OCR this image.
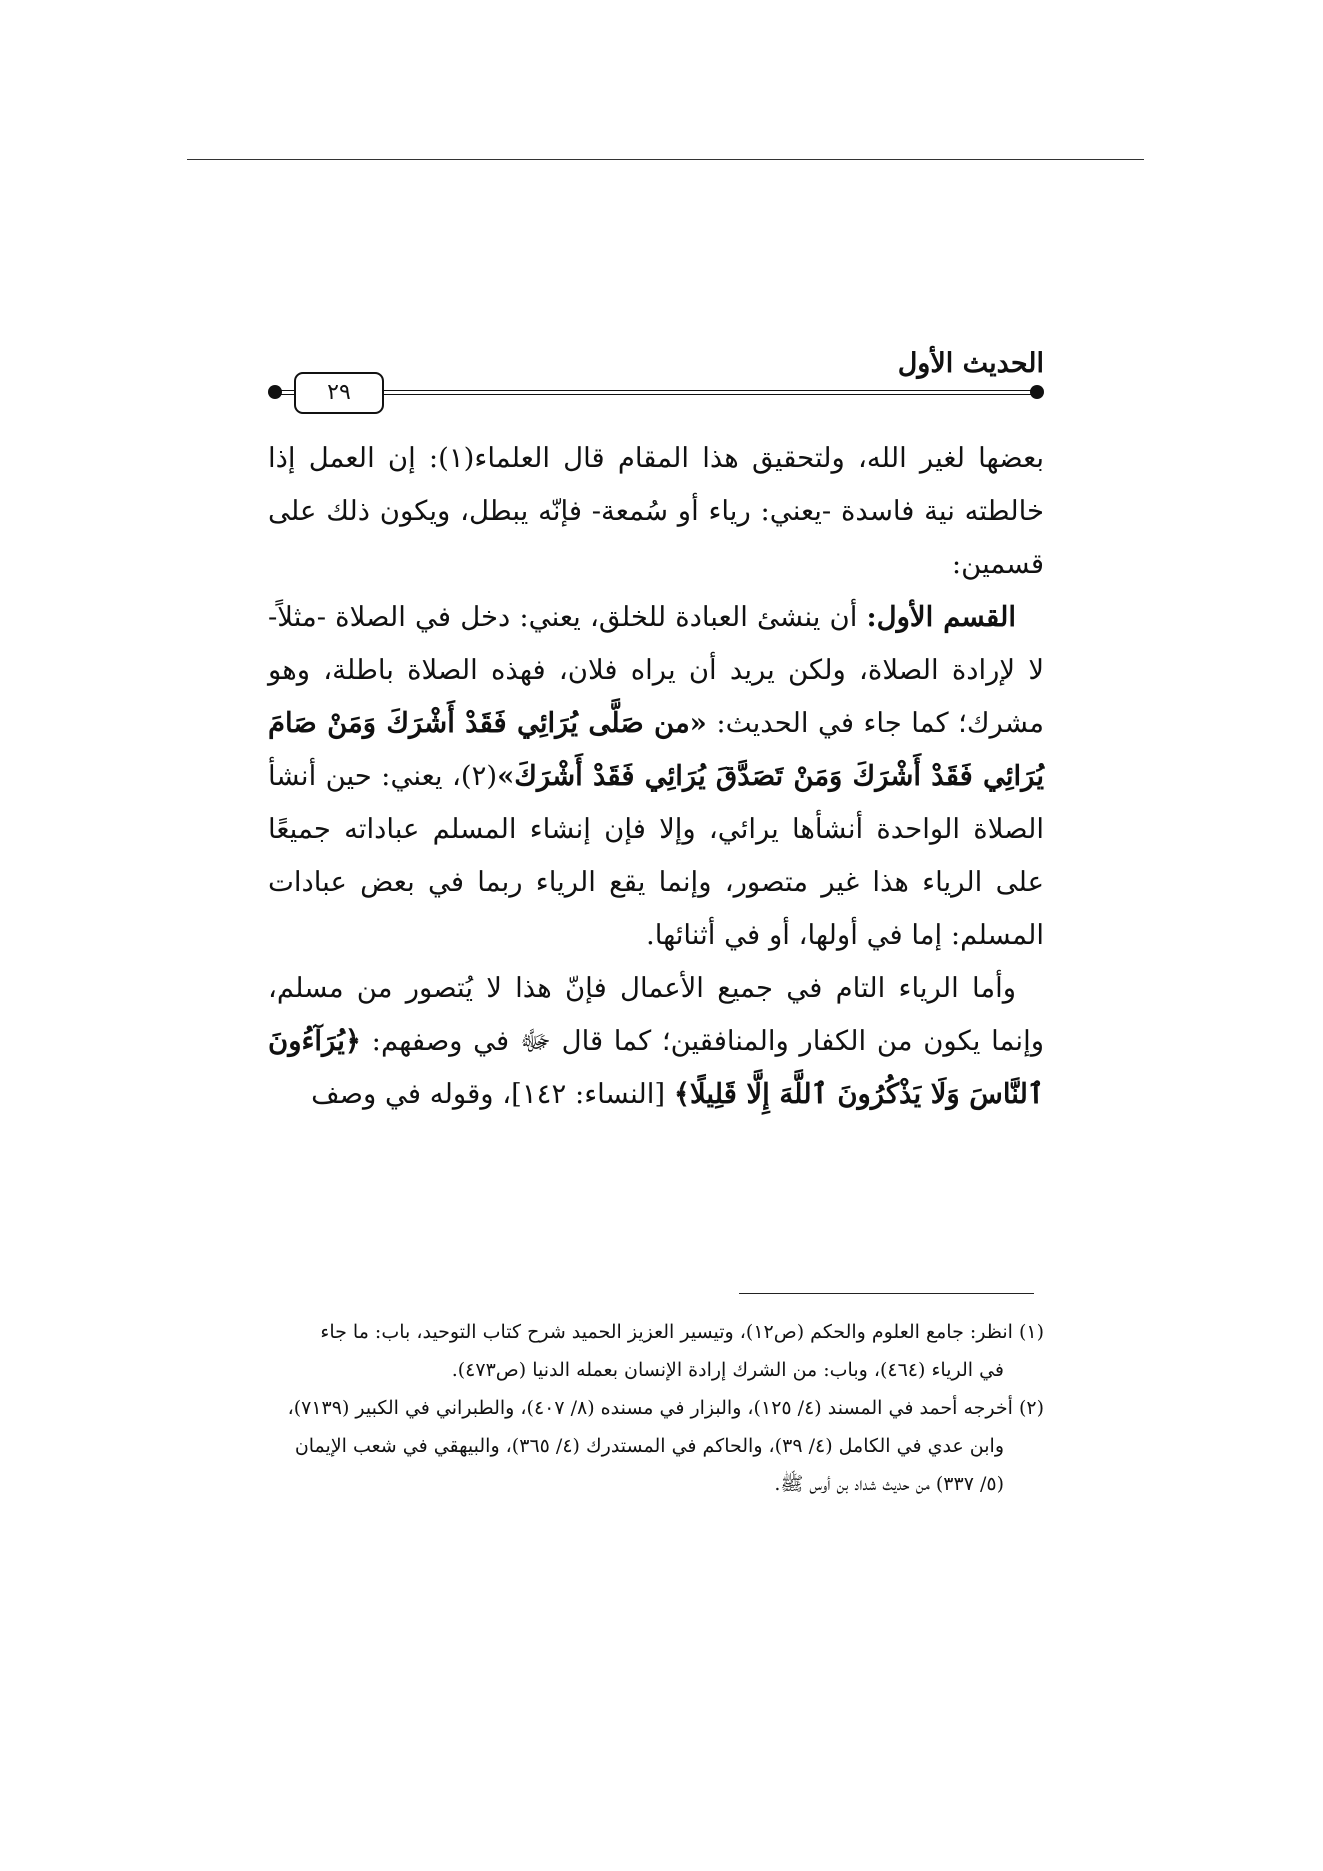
الحديث الأول
٢٩

بعضها لغير الله، ولتحقيق هذا المقام قال العلماء(١): إن العمل إذا خالطته نية فاسدة -يعني: رياء أو سُمعة- فإنّه يبطل، ويكون ذلك على قسمين:

القسم الأول: أن ينشئ العبادة للخلق، يعني: دخل في الصلاة -مثلاً- لا لإرادة الصلاة، ولكن يريد أن يراه فلان، فهذه الصلاة باطلة، وهو مشرك؛ كما جاء في الحديث: «من صَلَّى يُرَائِي فَقَدْ أَشْرَكَ وَمَنْ صَامَ يُرَائِي فَقَدْ أَشْرَكَ وَمَنْ تَصَدَّقَ يُرَائِي فَقَدْ أَشْرَكَ»(٢)، يعني: حين أنشأ الصلاة الواحدة أنشأها يرائي، وإلا فإن إنشاء المسلم عباداته جميعًا على الرياء هذا غير متصور، وإنما يقع الرياء ربما في بعض عبادات المسلم: إما في أولها، أو في أثنائها.

وأما الرياء التام في جميع الأعمال فإنّ هذا لا يُتصور من مسلم، وإنما يكون من الكفار والمنافقين؛ كما قال ﷻ في وصفهم: ﴿يُرَآءُونَ ٱلنَّاسَ وَلَا يَذْكُرُونَ ٱللَّهَ إِلَّا قَلِيلًا﴾ [النساء: ١٤٢]، وقوله في وصف

(١) انظر: جامع العلوم والحكم (ص١٢)، وتيسير العزيز الحميد شرح كتاب التوحيد، باب: ما جاء

في الرياء (٤٦٤)، وباب: من الشرك إرادة الإنسان بعمله الدنيا (ص٤٧٣).

(٢) أخرجه أحمد في المسند (٤/ ١٢٥)، والبزار في مسنده (٨/ ٤٠٧)، والطبراني في الكبير (٧١٣٩)،

وابن عدي في الكامل (٤/ ٣٩)، والحاكم في المستدرك (٤/ ٣٦٥)، والبيهقي في شعب الإيمان

(٥/ ٣٣٧) من حديث شداد بن أوس ﷺ.
